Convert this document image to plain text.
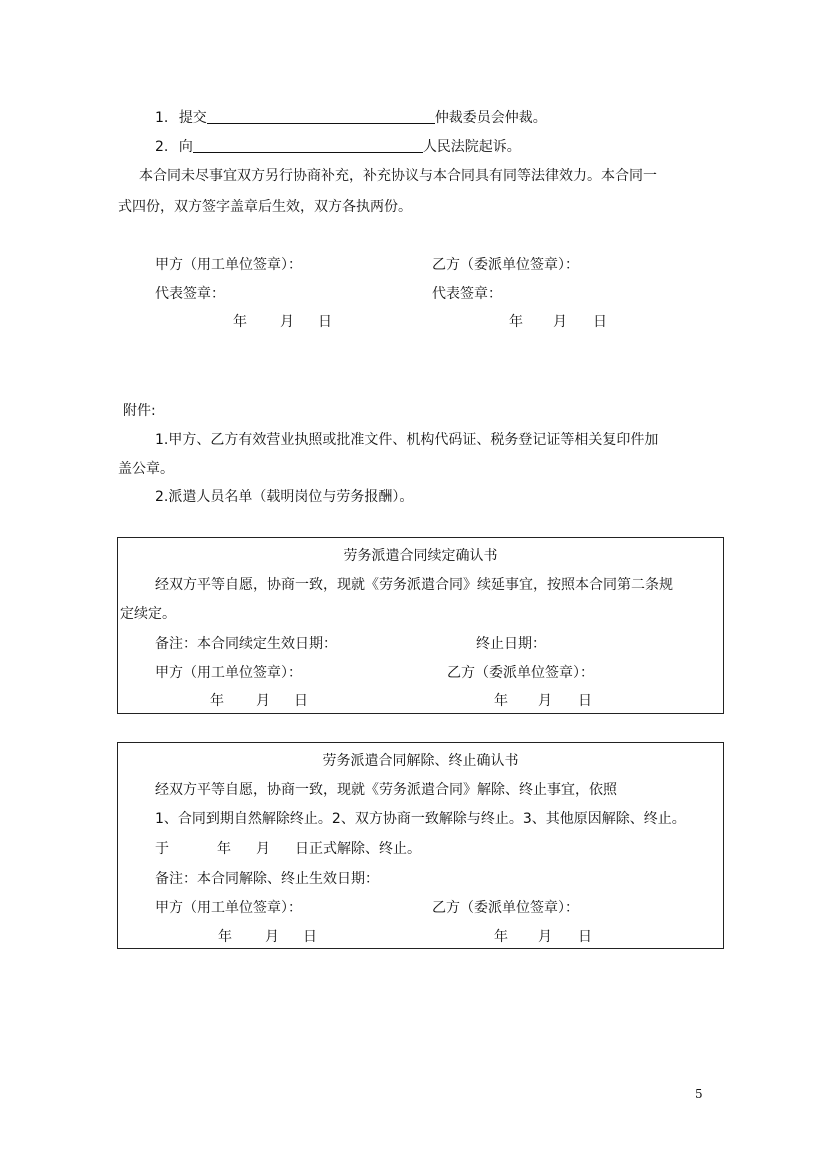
1. 提交	仲裁委员会仲裁。
2. 向	人民法院起诉。
本合同未尽事宜双方另行协商补充，补充协议与本合同具有同等法律效力。本合同一
式四份，双方签字盖章后生效，双方各执两份。
甲方（用工单位签章）：	乙方（委派单位签章）：
代表签章：	代表签章：
年 月 日	年 月 日
附件:
1.甲方、乙方有效营业执照或批准文件、机构代码证、税务登记证等相关复印件加
盖公章。
2.派遣人员名单（载明岗位与劳务报酬）。
劳务派遣合同续定确认书
经双方平等自愿，协商一致，现就《劳务派遣合同》续延事宜，按照本合同第二条规
定续定。
备注：本合同续定生效日期：	终止日期：
甲方（用工单位签章）：	乙方（委派单位签章）：
年 月 日	年 月 日
劳务派遣合同解除、终止确认书
经双方平等自愿，协商一致，现就《劳务派遣合同》解除、终止事宜，依照
1、合同到期自然解除终止。2、双方协商一致解除与终止。3、其他原因解除、终止。
于	年 月 日正式解除、终止。
备注：本合同解除、终止生效日期：
甲方（用工单位签章）：	乙方（委派单位签章）：
年 月 日	年 月 日
5
